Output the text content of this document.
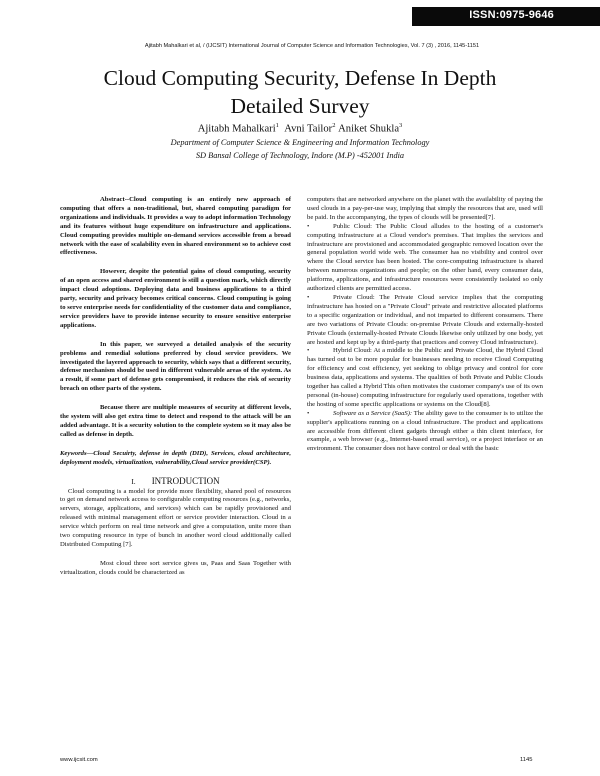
ISSN:0975-9646
Ajitabh Mahalkari et al, / (IJCSIT) International Journal of Computer Science and Information Technologies, Vol. 7 (3) , 2016, 1145-1151
Cloud Computing Security, Defense In Depth
Detailed Survey
Ajitabh Mahalkari$^1$ Avni Tailor$^2$ Aniket Shukla$^3$
Department of Computer Science & Engineering and Information Technology
SD Bansal College of Technology, Indore (M.P) -452001 India

Abstract--Cloud computing is an entirely new approach of computing that offers a non-traditional, but, shared computing paradigm for organizations and individuals. It provides a way to adopt information Technology and its features without huge expenditure on infrastructure and applications. Cloud computing provides multiple on-demand services accessible from a broad network with the ease of scalability even in shared environment so to achieve cost effectiveness.

However, despite the potential gains of cloud computing, security of an open access and shared environment is still a question mark, which directly impact cloud adoptions. Deploying data and business applications to a third party, security and privacy becomes critical concerns. Cloud computing is going to serve enterprise needs for confidentiality of the customer data and compliance, service providers have to provide intense security to ensure sensitive enterprise applications.

In this paper, we surveyed a detailed analysis of the security problems and remedial solutions preferred by cloud service providers. We investigated the layered approach to security, which says that a different security, defense mechanism should be used in different vulnerable areas of the system. As a result, if some part of defense gets compromised, it reduces the risk of security breach on other parts of the system.

Because there are multiple measures of security at different levels, the system will also get extra time to detect and respond to the attack will be an added advantage. It is a security solution to the complete system so it may also be called as defense in depth.

Keywords—Cloud Secuirty, defense in depth (DID), Services, cloud architecture, deployment models, virtualization, vulnerability,Cloud service provider(CSP).

I. INTRODUCTION

Cloud computing is a model for provide more flexibility, shared pool of resources to get on demand network access to configurable computing resources (e.g., networks, servers, storage, applications, and services) which can be rapidly provisioned and released with minimal management effort or service provider interaction. Cloud in a service which perform on real time network and give a computation, unite more than two computing resource in type of bunch in another word cloud additionally called Distributed Computing [7].

Most cloud three sort service gives us, Paas and Saas Together with virtualization, clouds could be characterized as

computers that are networked anywhere on the planet with the availability of paying the used clouds in a pay-per-use way, implying that simply the resources that are, used will be paid. In the accompanying, the types of clouds will be presented[7].

•	Public Cloud: The Public Cloud alludes to the hosting of a customer's computing infrastructure at a Cloud vendor's premises. That implies the services and infrastructure are provisioned and accommodated geographic removed location over the general population world wide web. The consumer has no visibility and control over where the Cloud service has been hosted. The core-computing infrastructure is shared between numerous organizations and people; on the other hand, every consumer data, platforms, applications, and infrastructure resources were consistently isolated so only authorized clients are permitted access.

•	Private Cloud: The Private Cloud service implies that the computing infrastructure has hosted on a "Private Cloud" private and restrictive allocated platforms to a specific organization or individual, and not imparted to different consumers. There are two variations of Private Clouds: on-premise Private Clouds and externally-hosted Private Clouds (externally-hosted Private Clouds likewise only utilized by one body, yet are hosted and kept up by a third-party that practices and convey Cloud infrastructure).

•	Hybrid Cloud: At a middle to the Public and Private Cloud, the Hybrid Cloud has turned out to be more popular for businesses needing to receive Cloud Computing for efficiency and cost efficiency, yet seeking to oblige privacy and control for core business data, applications and systems. The qualities of both Private and Public Clouds together has called a Hybrid This often motivates the customer company's use of its own personal (in-house) computing infrastructure for regularly used operations, together with the hosting of some specific applications or systems on the Cloud[8].

•	Software as a Service (SaaS): The ability gave to the consumer is to utilize the supplier's applications running on a cloud infrastructure. The product and applications are accessible from different client gadgets through either a thin client interface, for example, a web browser (e.g., Internet-based email service), or a project interface or an environment. The consumer does not have control or deal with the basic

www.ijcsit.com	1145
